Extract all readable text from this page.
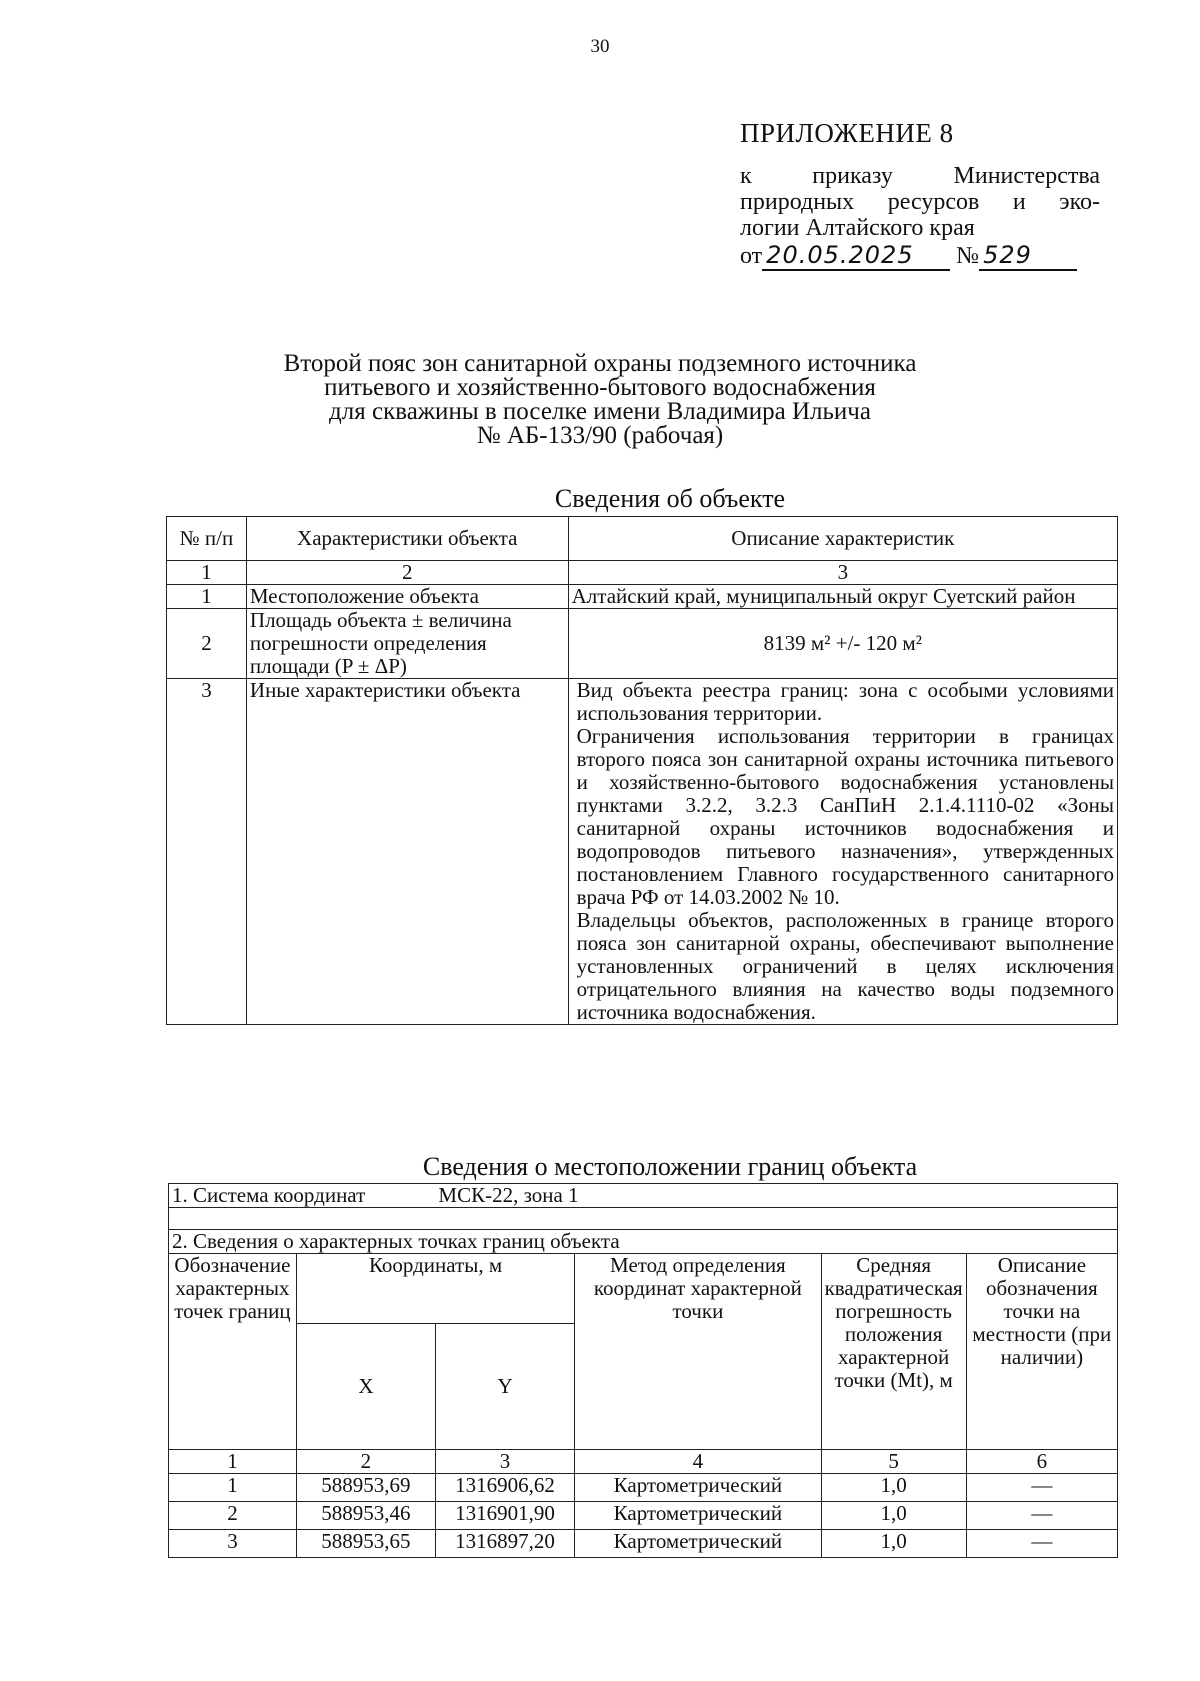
30
ПРИЛОЖЕНИЕ 8
к приказу Министерства
природных ресурсов и эко-
логии Алтайского края
от 20.05.2025 № 529
Второй пояс зон санитарной охраны подземного источника
питьевого и хозяйственно-бытового водоснабжения
для скважины в поселке имени Владимира Ильича
№ АБ-133/90 (рабочая)
Сведения об объекте
№ п/п	Характеристики объекта	Описание характеристик
1	2	3
1	Местоположение объекта	Алтайский край, муниципальный округ Суетский район
2	Площадь объекта ± величина погрешности определения площади (P ± ΔP)	8139 м² +/- 120 м²
3	Иные характеристики объекта	Вид объекта реестра границ: зона с особыми условиями использования территории.
Ограничения использования территории в границах второго пояса зон санитарной охраны источника питьевого и хозяйственно-бытового водоснабжения установлены пунктами 3.2.2, 3.2.3 СанПиН 2.1.4.1110-02 «Зоны санитарной охраны источников водоснабжения и водопроводов питьевого назначения», утвержденных постановлением Главного государственного санитарного врача РФ от 14.03.2002 № 10.
Владельцы объектов, расположенных в границе второго пояса зон санитарной охраны, обеспечивают выполнение установленных ограничений в целях исключения отрицательного влияния на качество воды подземного источника водоснабжения.
Сведения о местоположении границ объекта
1. Система координат		МСК-22, зона 1			

2. Сведения о характерных точках границ объекта					
Обозначение характерных точек границ	Координаты, м		Метод определения координат характерной точки	Средняя квадратическая погрешность положения характерной точки (Mt), м	Описание обозначения точки на местности (при наличии)
	X	Y			
1	2	3	4	5	6
1	588953,69	1316906,62	Картометрический	1,0	—
2	588953,46	1316901,90	Картометрический	1,0	—
3	588953,65	1316897,20	Картометрический	1,0	—
